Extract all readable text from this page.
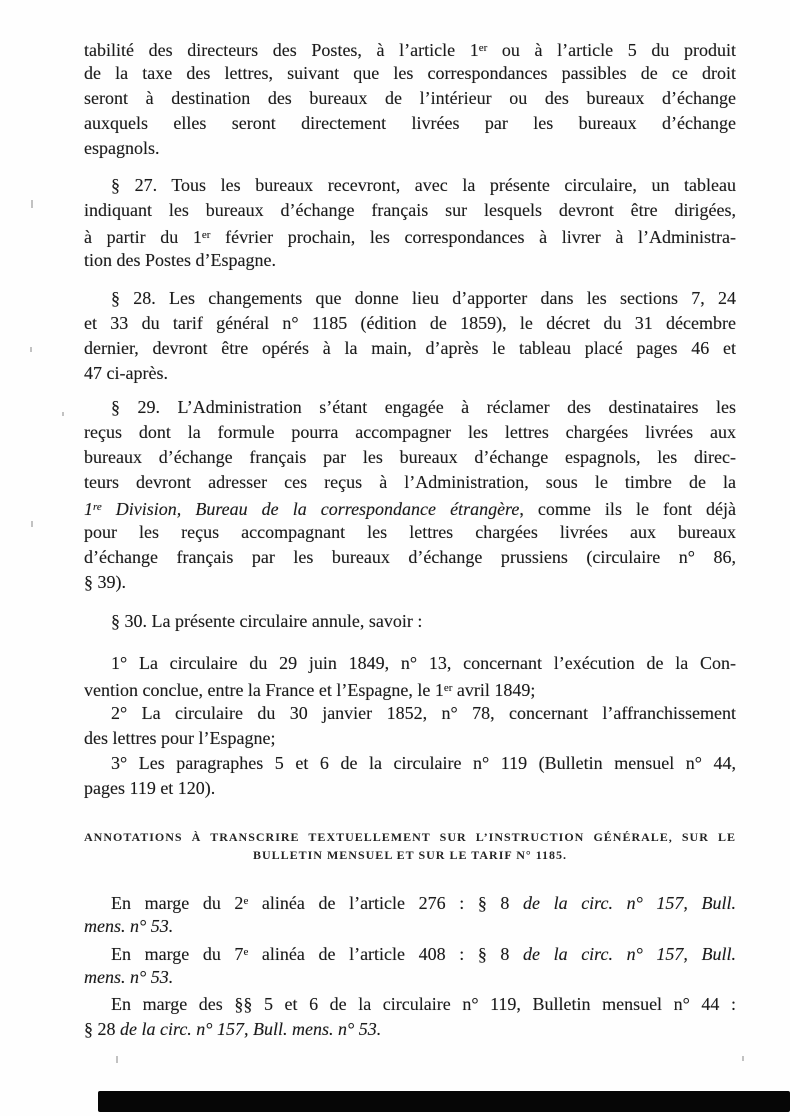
tabilité des directeurs des Postes, à l’article 1er ou à l’article 5 du produit
de la taxe des lettres, suivant que les correspondances passibles de ce droit
seront à destination des bureaux de l’intérieur ou des bureaux d’échange
auxquels elles seront directement livrées par les bureaux d’échange
espagnols.
§ 27. Tous les bureaux recevront, avec la présente circulaire, un tableau
indiquant les bureaux d’échange français sur lesquels devront être dirigées,
à partir du 1er février prochain, les correspondances à livrer à l’Administra-
tion des Postes d’Espagne.
§ 28. Les changements que donne lieu d’apporter dans les sections 7, 24
et 33 du tarif général n° 1185 (édition de 1859), le décret du 31 décembre
dernier, devront être opérés à la main, d’après le tableau placé pages 46 et
47 ci-après.
§ 29. L’Administration s’étant engagée à réclamer des destinataires les
reçus dont la formule pourra accompagner les lettres chargées livrées aux
bureaux d’échange français par les bureaux d’échange espagnols, les direc-
teurs devront adresser ces reçus à l’Administration, sous le timbre de la
1re Division, Bureau de la correspondance étrangère, comme ils le font déjà
pour les reçus accompagnant les lettres chargées livrées aux bureaux
d’échange français par les bureaux d’échange prussiens (circulaire n° 86,
§ 39).
§ 30. La présente circulaire annule, savoir :
1° La circulaire du 29 juin 1849, n° 13, concernant l’exécution de la Con-
vention conclue, entre la France et l’Espagne, le 1er avril 1849;
2° La circulaire du 30 janvier 1852, n° 78, concernant l’affranchissement
des lettres pour l’Espagne;
3° Les paragraphes 5 et 6 de la circulaire n° 119 (Bulletin mensuel n° 44,
pages 119 et 120).
ANNOTATIONS À TRANSCRIRE TEXTUELLEMENT SUR L’INSTRUCTION GÉNÉRALE, SUR LE
BULLETIN MENSUEL ET SUR LE TARIF N° 1185.
En marge du 2e alinéa de l’article 276 : § 8 de la circ. n° 157, Bull.
mens. n° 53.
En marge du 7e alinéa de l’article 408 : § 8 de la circ. n° 157, Bull.
mens. n° 53.
En marge des §§ 5 et 6 de la circulaire n° 119, Bulletin mensuel n° 44 :
§ 28 de la circ. n° 157, Bull. mens. n° 53.
